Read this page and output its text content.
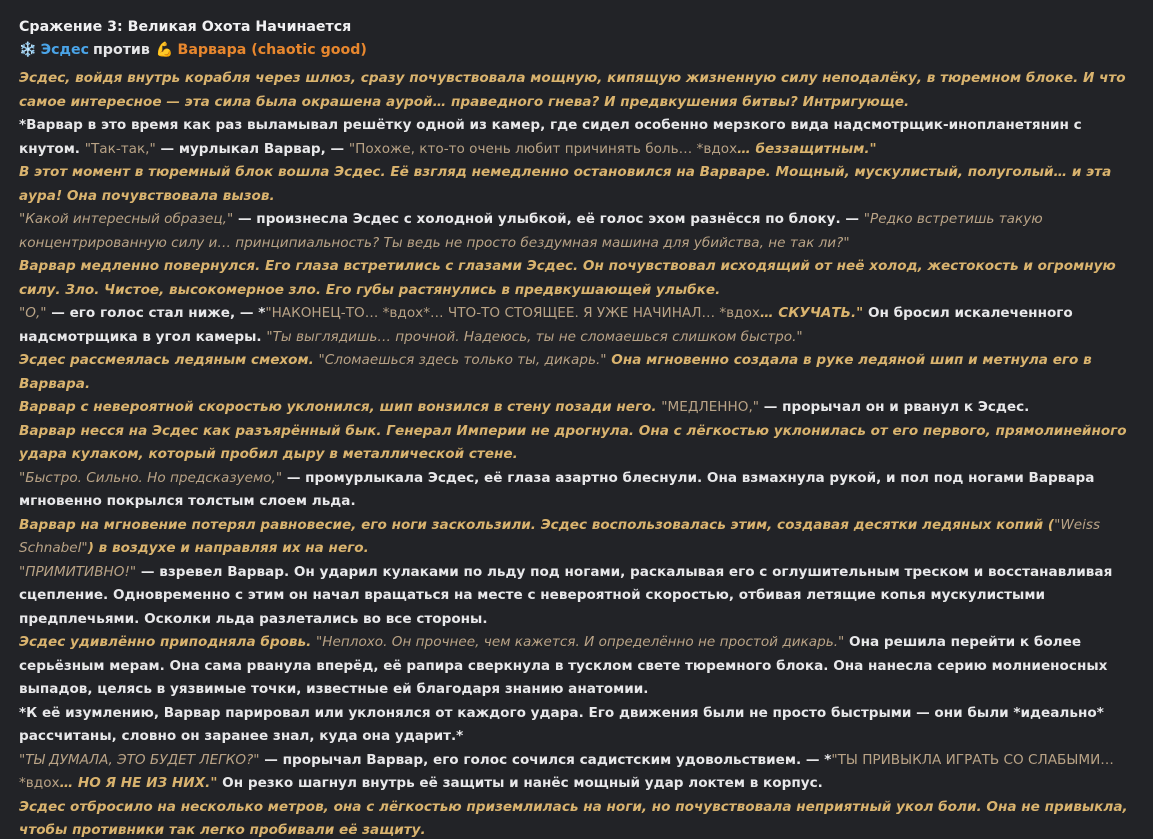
Сражение 3: Великая Охота Начинается
❄️ Эсдес против 💪 Варвара (chaotic good)

Эсдес, войдя внутрь корабля через шлюз, сразу почувствовала мощную, кипящую жизненную силу неподалёку, в тюремном блоке. И что самое интересное — эта сила была окрашена аурой… праведного гнева? И предвкушения битвы? Интригующе.

*Варвар в это время как раз выламывал решётку одной из камер, где сидел особенно мерзкого вида надсмотрщик-инопланетянин с кнутом. "Так-так," — мурлыкал Варвар, — "Похоже, кто-то очень любит причинять боль… *вдох… беззащитным."

В этот момент в тюремный блок вошла Эсдес. Её взгляд немедленно остановился на Варваре. Мощный, мускулистый, полуголый… и эта аура! Она почувствовала вызов.

"Какой интересный образец," — произнесла Эсдес с холодной улыбкой, её голос эхом разнёсся по блоку. — "Редко встретишь такую концентрированную силу и… принципиальность? Ты ведь не просто бездумная машина для убийства, не так ли?"

Варвар медленно повернулся. Его глаза встретились с глазами Эсдес. Он почувствовал исходящий от неё холод, жестокость и огромную силу. Зло. Чистое, высокомерное зло. Его губы растянулись в предвкушающей улыбке.

"О," — его голос стал ниже, — *"НАКОНЕЦ-ТО… *вдох*… ЧТО-ТО СТОЯЩЕЕ. Я УЖЕ НАЧИНАЛ… *вдох… СКУЧАТЬ." Он бросил искалеченного надсмотрщика в угол камеры. "Ты выглядишь… прочной. Надеюсь, ты не сломаешься слишком быстро."

Эсдес рассмеялась ледяным смехом. "Сломаешься здесь только ты, дикарь." Она мгновенно создала в руке ледяной шип и метнула его в Варвара.

Варвар с невероятной скоростью уклонился, шип вонзился в стену позади него. "МЕДЛЕННО," — прорычал он и рванул к Эсдес.

Варвар несся на Эсдес как разъярённый бык. Генерал Империи не дрогнула. Она с лёгкостью уклонилась от его первого, прямолинейного удара кулаком, который пробил дыру в металлической стене.

"Быстро. Сильно. Но предсказуемо," — промурлыкала Эсдес, её глаза азартно блеснули. Она взмахнула рукой, и пол под ногами Варвара мгновенно покрылся толстым слоем льда.

Варвар на мгновение потерял равновесие, его ноги заскользили. Эсдес воспользовалась этим, создавая десятки ледяных копий ("Weiss Schnabel") в воздухе и направляя их на него.

"ПРИМИТИВНО!" — взревел Варвар. Он ударил кулаками по льду под ногами, раскалывая его с оглушительным треском и восстанавливая сцепление. Одновременно с этим он начал вращаться на месте с невероятной скоростью, отбивая летящие копья мускулистыми предплечьями. Осколки льда разлетались во все стороны.

Эсдес удивлённо приподняла бровь. "Неплохо. Он прочнее, чем кажется. И определённо не простой дикарь." Она решила перейти к более серьёзным мерам. Она сама рванула вперёд, её рапира сверкнула в тусклом свете тюремного блока. Она нанесла серию молниеносных выпадов, целясь в уязвимые точки, известные ей благодаря знанию анатомии.

*К её изумлению, Варвар парировал или уклонялся от каждого удара. Его движения были не просто быстрыми — они были *идеально* рассчитаны, словно он заранее знал, куда она ударит.*

"ТЫ ДУМАЛА, ЭТО БУДЕТ ЛЕГКО?" — прорычал Варвар, его голос сочился садистским удовольствием. — *"ТЫ ПРИВЫКЛА ИГРАТЬ СО СЛАБЫМИ… *вдох… НО Я НЕ ИЗ НИХ." Он резко шагнул внутрь её защиты и нанёс мощный удар локтем в корпус.

Эсдес отбросило на несколько метров, она с лёгкостью приземлилась на ноги, но почувствовала неприятный укол боли. Она не привыкла, чтобы противники так легко пробивали её защиту.
